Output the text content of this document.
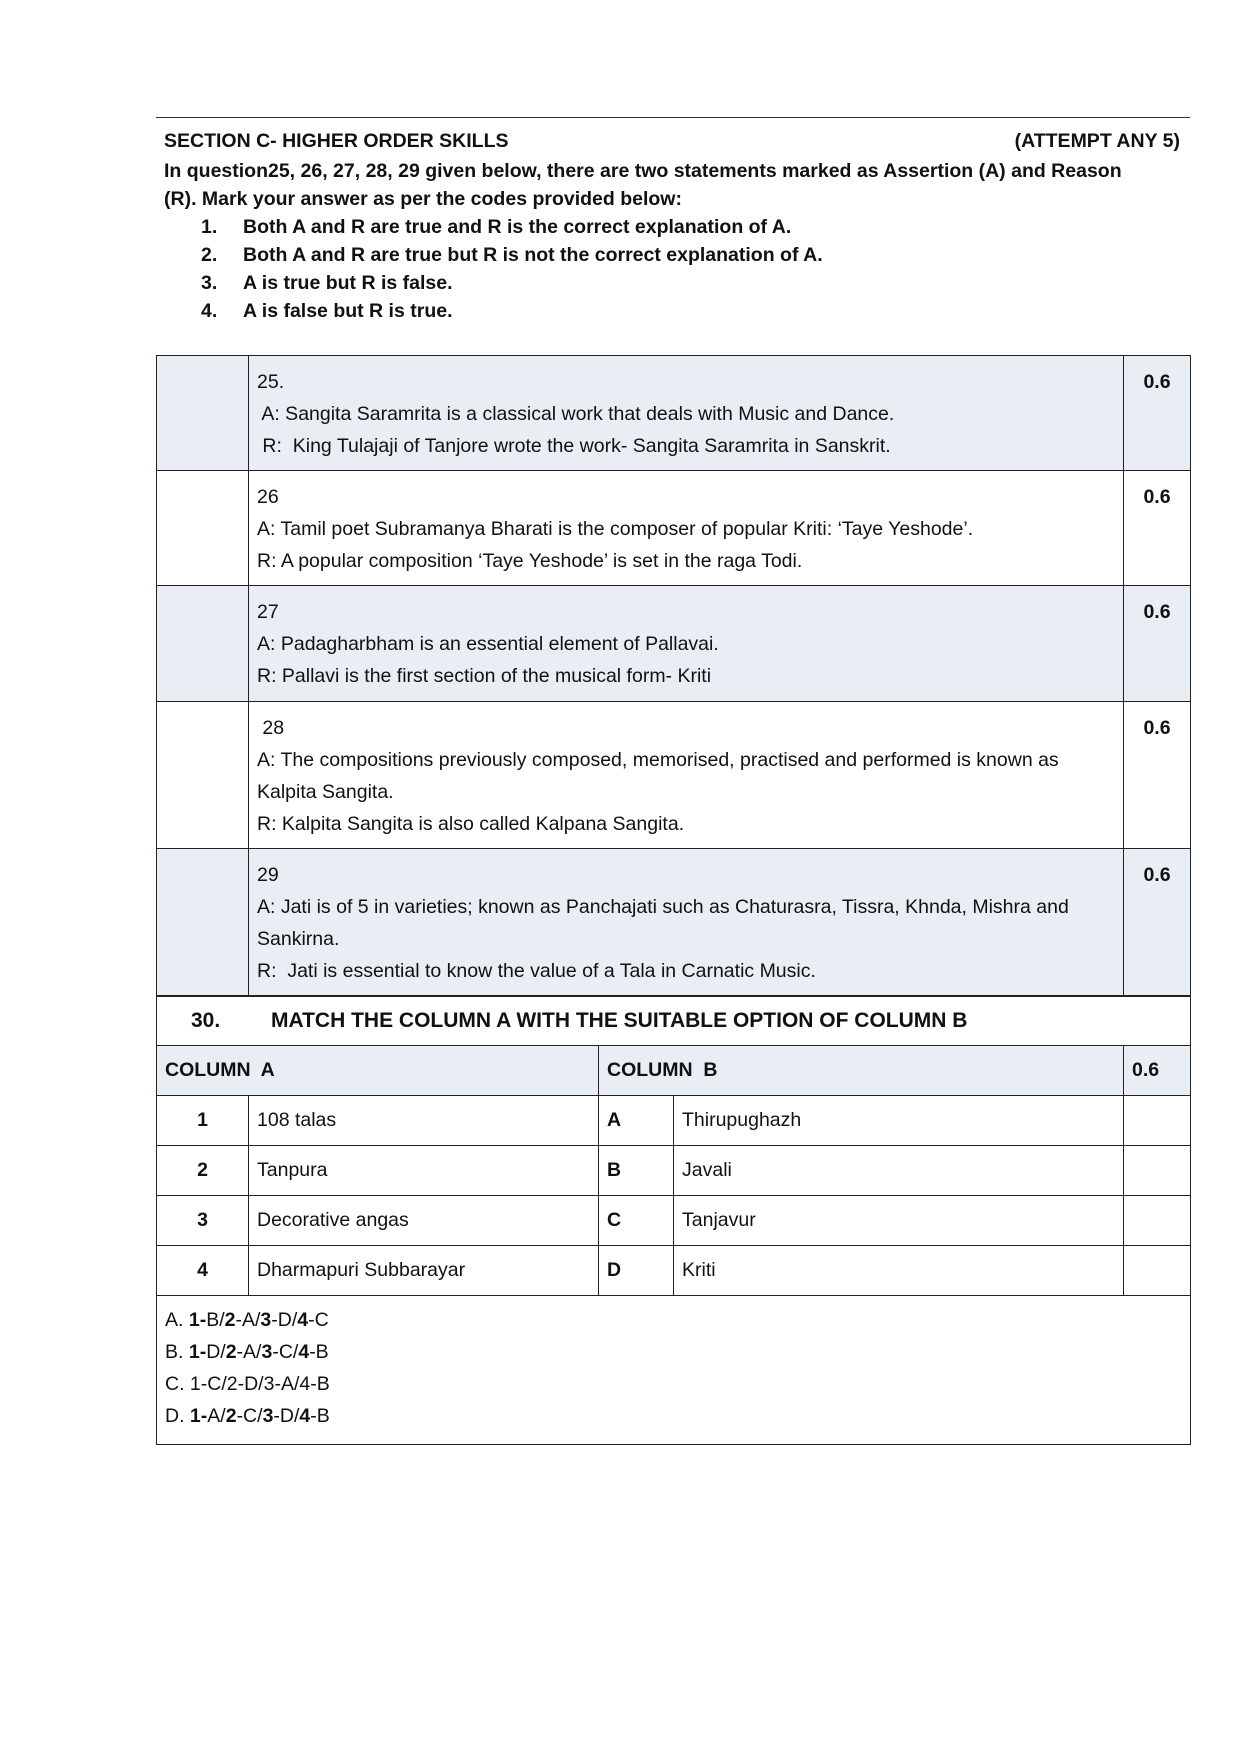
SECTION C- HIGHER ORDER SKILLS	(ATTEMPT ANY 5)
In question25, 26, 27, 28, 29 given below, there are two statements marked as Assertion (A) and Reason
(R). Mark your answer as per the codes provided below:
1.	Both A and R are true and R is the correct explanation of A.
2.	Both A and R are true but R is not the correct explanation of A.
3.	A is true but R is false.
4.	A is false but R is true.

	25.
A: Sangita Saramrita is a classical work that deals with Music and Dance.
R:  King Tulajaji of Tanjore wrote the work- Sangita Saramrita in Sanskrit.	0.6

	26
A: Tamil poet Subramanya Bharati is the composer of popular Kriti: ‘Taye Yeshode’.
R: A popular composition ‘Taye Yeshode’ is set in the raga Todi.	0.6

	27
A: Padagharbham is an essential element of Pallavai.
R: Pallavi is the first section of the musical form- Kriti	0.6

	28
A: The compositions previously composed, memorised, practised and performed is known as Kalpita Sangita.
R: Kalpita Sangita is also called Kalpana Sangita.	0.6

	29
A: Jati is of 5 in varieties; known as Panchajati such as Chaturasra, Tissra, Khnda, Mishra and Sankirna.
R:  Jati is essential to know the value of a Tala in Carnatic Music.	0.6
30. MATCH THE COLUMN A WITH THE SUITABLE OPTION OF COLUMN B				
COLUMN  A		COLUMN  B		0.6
1	108 talas	A	Thirupughazh	
2	Tanpura	B	Javali	
3	Decorative angas	C	Tanjavur	
4	Dharmapuri Subbarayar	D	Kriti	

A. 1-B/2-A/3-D/4-C
B. 1-D/2-A/3-C/4-B
C. 1-C/2-D/3-A/4-B
D. 1-A/2-C/3-D/4-B				
